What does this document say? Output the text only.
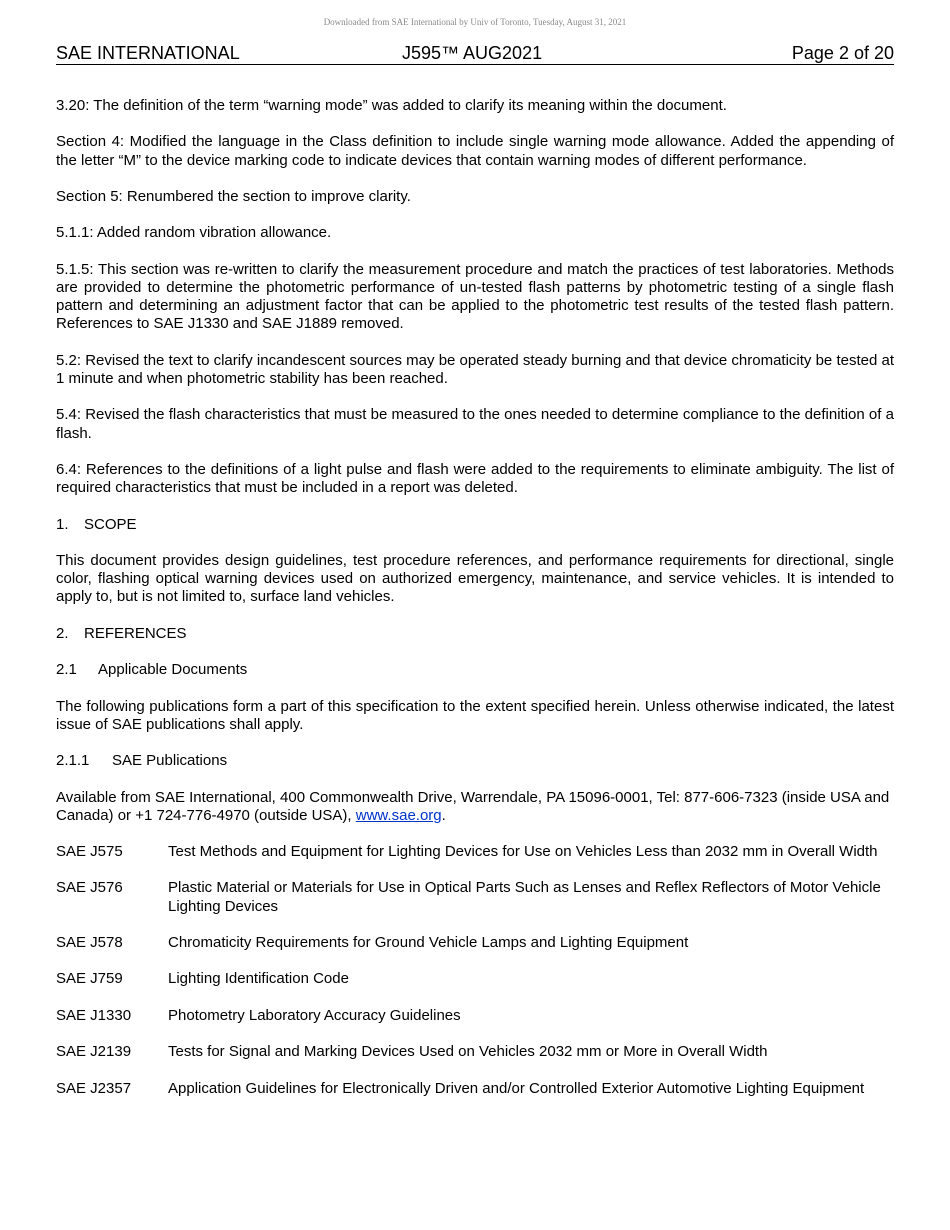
Downloaded from SAE International by Univ of Toronto, Tuesday, August 31, 2021
SAE INTERNATIONAL	J595™ AUG2021	Page 2 of 20

3.20: The definition of the term “warning mode” was added to clarify its meaning within the document.

Section 4: Modified the language in the Class definition to include single warning mode allowance. Added the appending of the letter “M” to the device marking code to indicate devices that contain warning modes of different performance.

Section 5: Renumbered the section to improve clarity.

5.1.1: Added random vibration allowance.

5.1.5: This section was re-written to clarify the measurement procedure and match the practices of test laboratories. Methods are provided to determine the photometric performance of un-tested flash patterns by photometric testing of a single flash pattern and determining an adjustment factor that can be applied to the photometric test results of the tested flash pattern. References to SAE J1330 and SAE J1889 removed.

5.2: Revised the text to clarify incandescent sources may be operated steady burning and that device chromaticity be tested at 1 minute and when photometric stability has been reached.

5.4: Revised the flash characteristics that must be measured to the ones needed to determine compliance to the definition of a flash.

6.4: References to the definitions of a light pulse and flash were added to the requirements to eliminate ambiguity. The list of required characteristics that must be included in a report was deleted.

1. SCOPE

This document provides design guidelines, test procedure references, and performance requirements for directional, single color, flashing optical warning devices used on authorized emergency, maintenance, and service vehicles. It is intended to apply to, but is not limited to, surface land vehicles.

2. REFERENCES
2.1 Applicable Documents

The following publications form a part of this specification to the extent specified herein. Unless otherwise indicated, the latest issue of SAE publications shall apply.

2.1.1 SAE Publications

Available from SAE International, 400 Commonwealth Drive, Warrendale, PA 15096-0001, Tel: 877-606-7323 (inside USA and Canada) or +1 724-776-4970 (outside USA), www.sae.org.

SAE J575	Test Methods and Equipment for Lighting Devices for Use on Vehicles Less than 2032 mm in Overall Width
SAE J576	Plastic Material or Materials for Use in Optical Parts Such as Lenses and Reflex Reflectors of Motor Vehicle Lighting Devices
SAE J578	Chromaticity Requirements for Ground Vehicle Lamps and Lighting Equipment
SAE J759	Lighting Identification Code
SAE J1330	Photometry Laboratory Accuracy Guidelines
SAE J2139	Tests for Signal and Marking Devices Used on Vehicles 2032 mm or More in Overall Width
SAE J2357	Application Guidelines for Electronically Driven and/or Controlled Exterior Automotive Lighting Equipment
